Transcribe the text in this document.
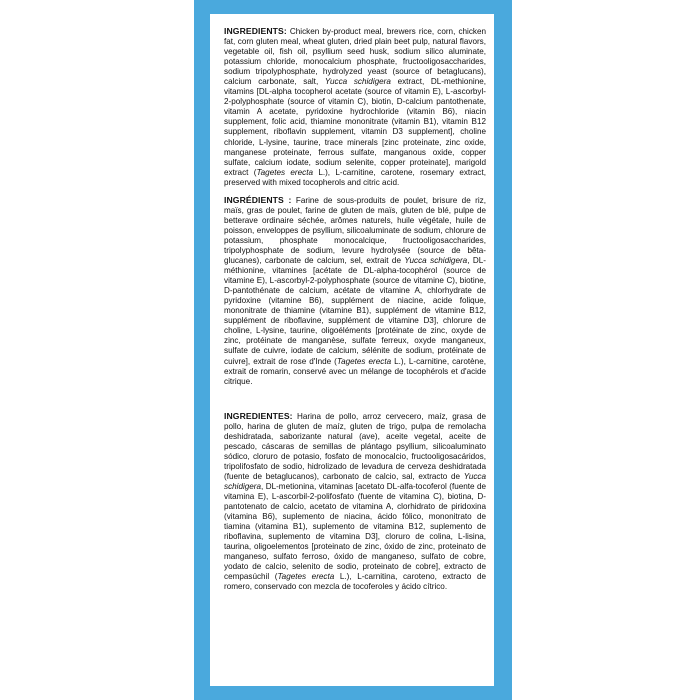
INGREDIENTS: Chicken by-product meal, brewers rice, corn, chicken fat, corn gluten meal, wheat gluten, dried plain beet pulp, natural flavors, vegetable oil, fish oil, psyllium seed husk, sodium silico aluminate, potassium chloride, monocalcium phosphate, fructooligosaccharides, sodium tripolyphosphate, hydrolyzed yeast (source of betaglucans), calcium carbonate, salt, Yucca schidigera extract, DL-methionine, vitamins [DL-alpha tocopherol acetate (source of vitamin E), L-ascorbyl-2-polyphosphate (source of vitamin C), biotin, D-calcium pantothenate, vitamin A acetate, pyridoxine hydrochloride (vitamin B6), niacin supplement, folic acid, thiamine mononitrate (vitamin B1), vitamin B12 supplement, riboflavin supplement, vitamin D3 supplement], choline chloride, L-lysine, taurine, trace minerals [zinc proteinate, zinc oxide, manganese proteinate, ferrous sulfate, manganous oxide, copper sulfate, calcium iodate, sodium selenite, copper proteinate], marigold extract (Tagetes erecta L.), L-carnitine, carotene, rosemary extract, preserved with mixed tocopherols and citric acid.

INGRÉDIENTS : Farine de sous-produits de poulet, brisure de riz, maïs, gras de poulet, farine de gluten de maïs, gluten de blé, pulpe de betterave ordinaire séchée, arômes naturels, huile végétale, huile de poisson, enveloppes de psyllium, silicoaluminate de sodium, chlorure de potassium, phosphate monocalcique, fructooligosaccharides, tripolyphosphate de sodium, levure hydrolysée (source de bêta-glucanes), carbonate de calcium, sel, extrait de Yucca schidigera, DL-méthionine, vitamines [acétate de DL-alpha-tocophérol (source de vitamine E), L-ascorbyl-2-polyphosphate (source de vitamine C), biotine, D-pantothénate de calcium, acétate de vitamine A, chlorhydrate de pyridoxine (vitamine B6), supplément de niacine, acide folique, mononitrate de thiamine (vitamine B1), supplément de vitamine B12, supplément de riboflavine, supplément de vitamine D3], chlorure de choline, L-lysine, taurine, oligoéléments [protéinate de zinc, oxyde de zinc, protéinate de manganèse, sulfate ferreux, oxyde manganeux, sulfate de cuivre, iodate de calcium, sélénite de sodium, protéinate de cuivre], extrait de rose d'Inde (Tagetes erecta L.), L-carnitine, carotène, extrait de romarin, conservé avec un mélange de tocophérols et d'acide citrique.

INGREDIENTES: Harina de pollo, arroz cervecero, maíz, grasa de pollo, harina de gluten de maíz, gluten de trigo, pulpa de remolacha deshidratada, saborizante natural (ave), aceite vegetal, aceite de pescado, cáscaras de semillas de plántago psyllium, silicoaluminato sódico, cloruro de potasio, fosfato de monocalcio, fructooligosacáridos, tripolifosfato de sodio, hidrolizado de levadura de cerveza deshidratada (fuente de betaglucanos), carbonato de calcio, sal, extracto de Yucca schidigera, DL-metionina, vitaminas [acetato DL-alfa-tocoferol (fuente de vitamina E), L-ascorbil-2-polifosfato (fuente de vitamina C), biotina, D-pantotenato de calcio, acetato de vitamina A, clorhidrato de piridoxina (vitamina B6), suplemento de niacina, ácido fólico, mononitrato de tiamina (vitamina B1), suplemento de vitamina B12, suplemento de riboflavina, suplemento de vitamina D3], cloruro de colina, L-lisina, taurina, oligoelementos [proteinato de zinc, óxido de zinc, proteinato de manganeso, sulfato ferroso, óxido de manganeso, sulfato de cobre, yodato de calcio, selenito de sodio, proteinato de cobre], extracto de cempasúchil (Tagetes erecta L.), L-carnitina, caroteno, extracto de romero, conservado con mezcla de tocoferoles y ácido cítrico.
